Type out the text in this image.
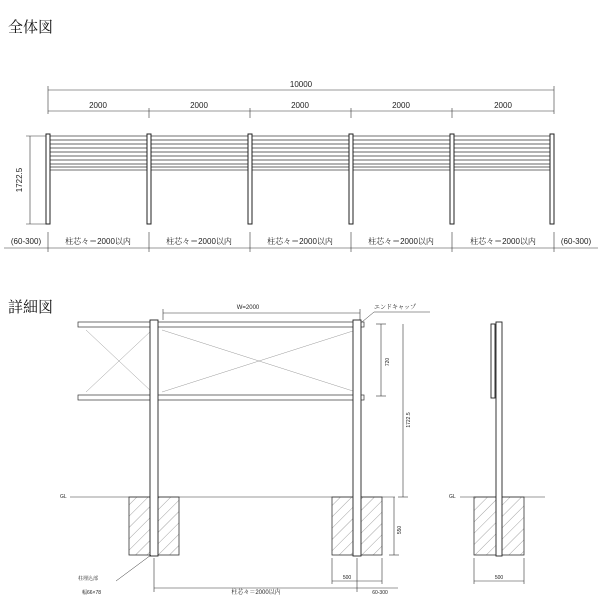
全体図
10000
2000	2000	2000	2000	2000
1722.5
(60-300)	柱芯々＝2000以内	柱芯々＝2000以内	柱芯々＝2000以内	柱芯々＝2000以内	柱芯々＝2000以内	(60-300)
詳細図	W=2000	エンドキャップ
GL	GL
720
1722.5
550
柱埋込部
幅66×78	柱芯々＝2000以内
500
60-300
500
